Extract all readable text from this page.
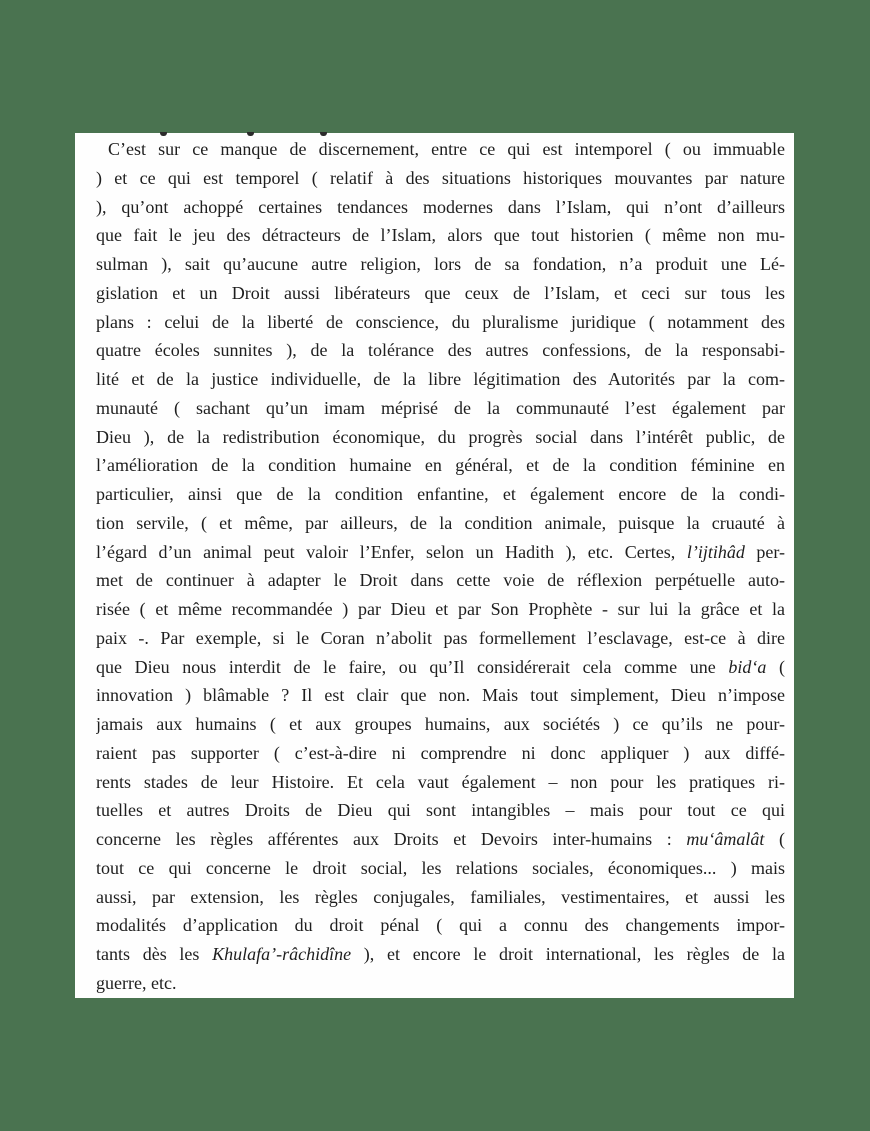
C’est sur ce manque de discernement, entre ce qui est intemporel ( ou immuable
) et ce qui est temporel ( relatif à des situations historiques mouvantes par nature
), qu’ont achoppé certaines tendances modernes dans l’Islam, qui n’ont d’ailleurs
que fait le jeu des détracteurs de l’Islam, alors que tout historien ( même non mu-
sulman ), sait qu’aucune autre religion, lors de sa fondation, n’a produit une Lé-
gislation et un Droit aussi libérateurs que ceux de l’Islam, et ceci sur tous les
plans : celui de la liberté de conscience, du pluralisme juridique ( notamment des
quatre écoles sunnites ), de la tolérance des autres confessions, de la responsabi-
lité et de la justice individuelle, de la libre légitimation des Autorités par la com-
munauté ( sachant qu’un imam méprisé de la communauté l’est également par
Dieu ), de la redistribution économique, du progrès social dans l’intérêt public, de
l’amélioration de la condition humaine en général, et de la condition féminine en
particulier, ainsi que de la condition enfantine, et également encore de la condi-
tion servile, ( et même, par ailleurs, de la condition animale, puisque la cruauté à
l’égard d’un animal peut valoir l’Enfer, selon un Hadith ), etc. Certes, l’ijtihâd per-
met de continuer à adapter le Droit dans cette voie de réflexion perpétuelle auto-
risée ( et même recommandée ) par Dieu et par Son Prophète - sur lui la grâce et la
paix -. Par exemple, si le Coran n’abolit pas formellement l’esclavage, est-ce à dire
que Dieu nous interdit de le faire, ou qu’Il considérerait cela comme une bid‘a (
innovation ) blâmable ? Il est clair que non. Mais tout simplement, Dieu n’impose
jamais aux humains ( et aux groupes humains, aux sociétés ) ce qu’ils ne pour-
raient pas supporter ( c’est-à-dire ni comprendre ni donc appliquer ) aux diffé-
rents stades de leur Histoire. Et cela vaut également – non pour les pratiques ri-
tuelles et autres Droits de Dieu qui sont intangibles – mais pour tout ce qui
concerne les règles afférentes aux Droits et Devoirs inter-humains : mu‘âmalât (
tout ce qui concerne le droit social, les relations sociales, économiques... ) mais
aussi, par extension, les règles conjugales, familiales, vestimentaires, et aussi les
modalités d’application du droit pénal ( qui a connu des changements impor-
tants dès les Khulafa’-râchidîne ), et encore le droit international, les règles de la
guerre, etc.
